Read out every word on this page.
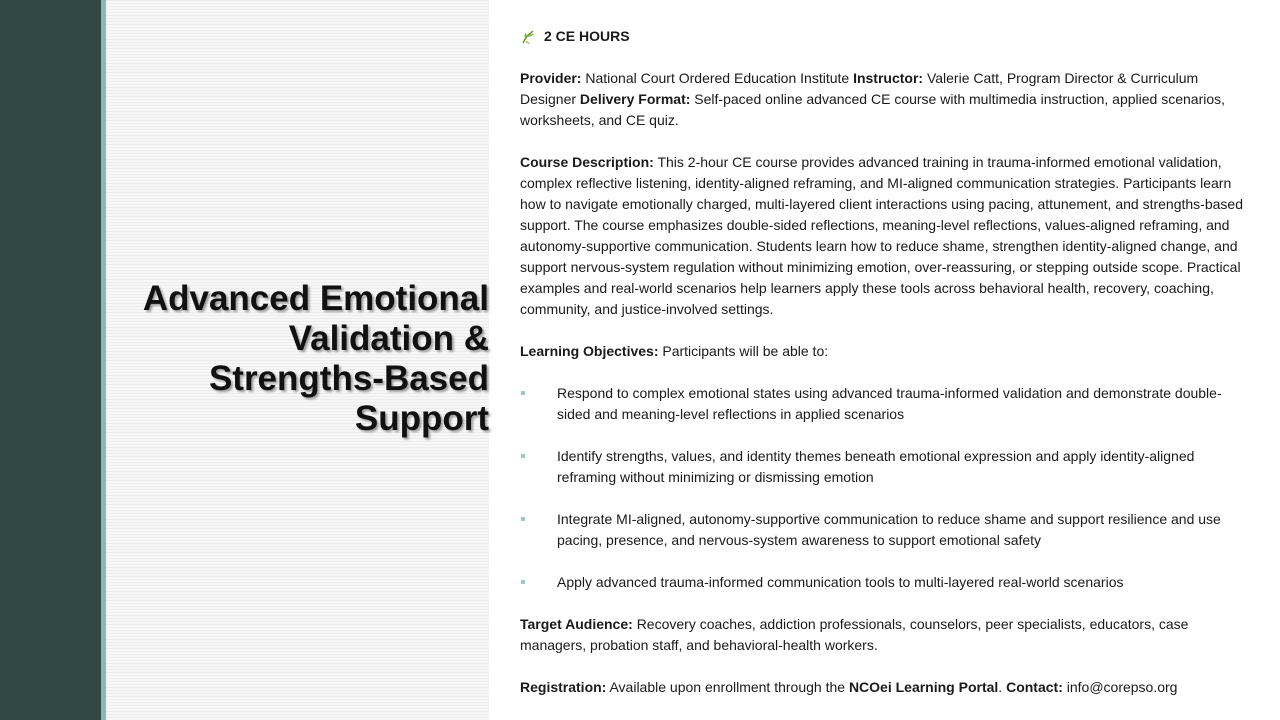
Advanced Emotional
Validation &
Strengths-Based
Support

2 CE HOURS

Provider: National Court Ordered Education Institute Instructor: Valerie Catt, Program Director & Curriculum Designer Delivery Format: Self-paced online advanced CE course with multimedia instruction, applied scenarios, worksheets, and CE quiz.

Course Description: This 2-hour CE course provides advanced training in trauma-informed emotional validation, complex reflective listening, identity-aligned reframing, and MI-aligned communication strategies. Participants learn how to navigate emotionally charged, multi-layered client interactions using pacing, attunement, and strengths-based support. The course emphasizes double-sided reflections, meaning-level reflections, values-aligned reframing, and autonomy-supportive communication. Students learn how to reduce shame, strengthen identity-aligned change, and support nervous-system regulation without minimizing emotion, over-reassuring, or stepping outside scope. Practical examples and real-world scenarios help learners apply these tools across behavioral health, recovery, coaching, community, and justice-involved settings.

Learning Objectives: Participants will be able to:

Respond to complex emotional states using advanced trauma-informed validation and demonstrate double-sided and meaning-level reflections in applied scenarios
Identify strengths, values, and identity themes beneath emotional expression and apply identity-aligned reframing without minimizing or dismissing emotion
Integrate MI-aligned, autonomy-supportive communication to reduce shame and support resilience and use pacing, presence, and nervous-system awareness to support emotional safety
Apply advanced trauma-informed communication tools to multi-layered real-world scenarios

Target Audience: Recovery coaches, addiction professionals, counselors, peer specialists, educators, case managers, probation staff, and behavioral-health workers.

Registration: Available upon enrollment through the NCOei Learning Portal. Contact: info@corepso.org
